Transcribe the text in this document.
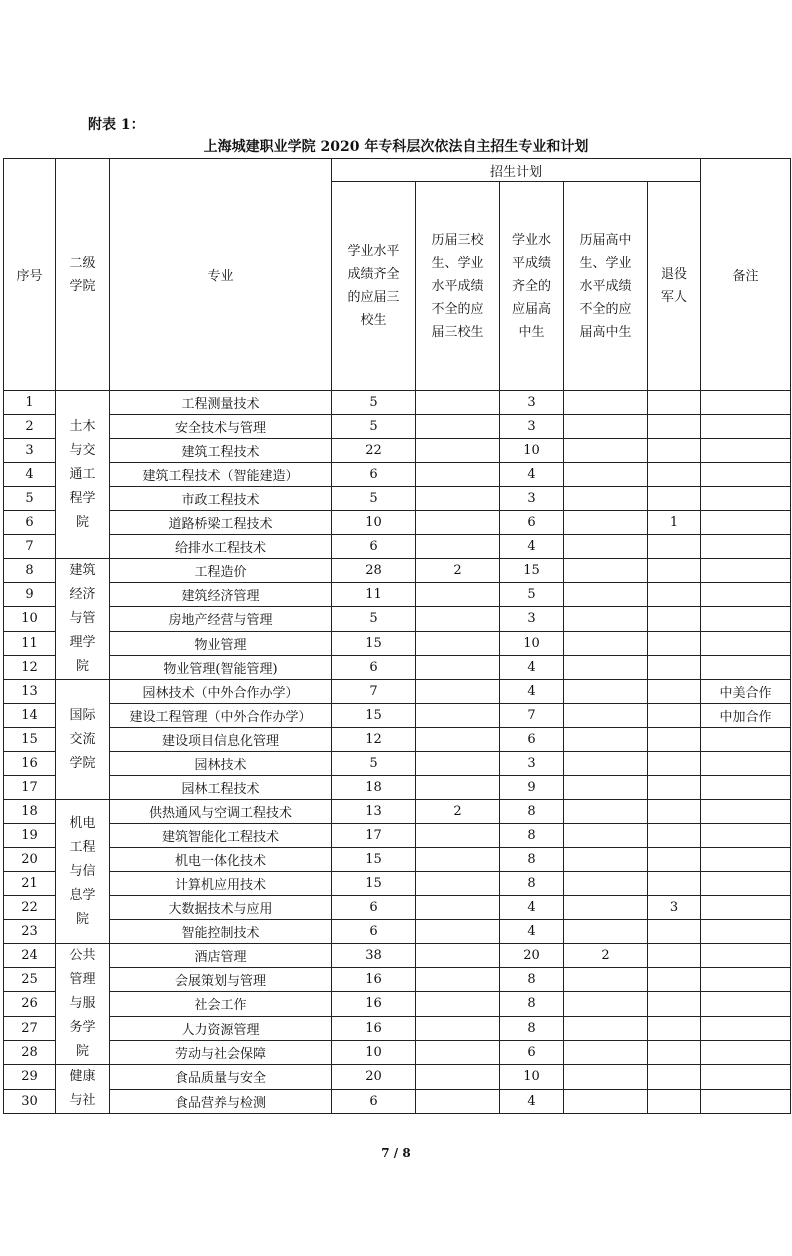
附表 1：
上海城建职业学院 2020 年专科层次依法自主招生专业和计划
序号	二级学院	专业	招生计划					备注
			学业水平成绩齐全的应届三校生	历届三校生、学业水平成绩不全的应届三校生	学业水平成绩齐全的应届高中生	历届高中生、学业水平成绩不全的应届高中生	退役军人	
1	土木与交通工程学院	工程测量技术	5		3			
2		安全技术与管理	5		3			
3		建筑工程技术	22		10			
4		建筑工程技术（智能建造）	6		4			
5		市政工程技术	5		3			
6		道路桥梁工程技术	10		6		1	
7		给排水工程技术	6		4			
8	建筑经济与管理学院	工程造价	28	2	15			
9		建筑经济管理	11		5			
10		房地产经营与管理	5		3			
11		物业管理	15		10			
12		物业管理(智能管理)	6		4			
13	国际交流学院	园林技术（中外合作办学）	7		4			中美合作
14		建设工程管理（中外合作办学）	15		7			中加合作
15		建设项目信息化管理	12		6			
16		园林技术	5		3			
17		园林工程技术	18		9			
18	机电工程与信息学院	供热通风与空调工程技术	13	2	8			
19		建筑智能化工程技术	17		8			
20		机电一体化技术	15		8			
21		计算机应用技术	15		8			
22		大数据技术与应用	6		4		3	
23		智能控制技术	6		4			
24	公共管理与服务学院	酒店管理	38		20	2		
25		会展策划与管理	16		8			
26		社会工作	16		8			
27		人力资源管理	16		8			
28		劳动与社会保障	10		6			
29	健康与社	食品质量与安全	20		10			
30		食品营养与检测	6		4			
7 / 8
